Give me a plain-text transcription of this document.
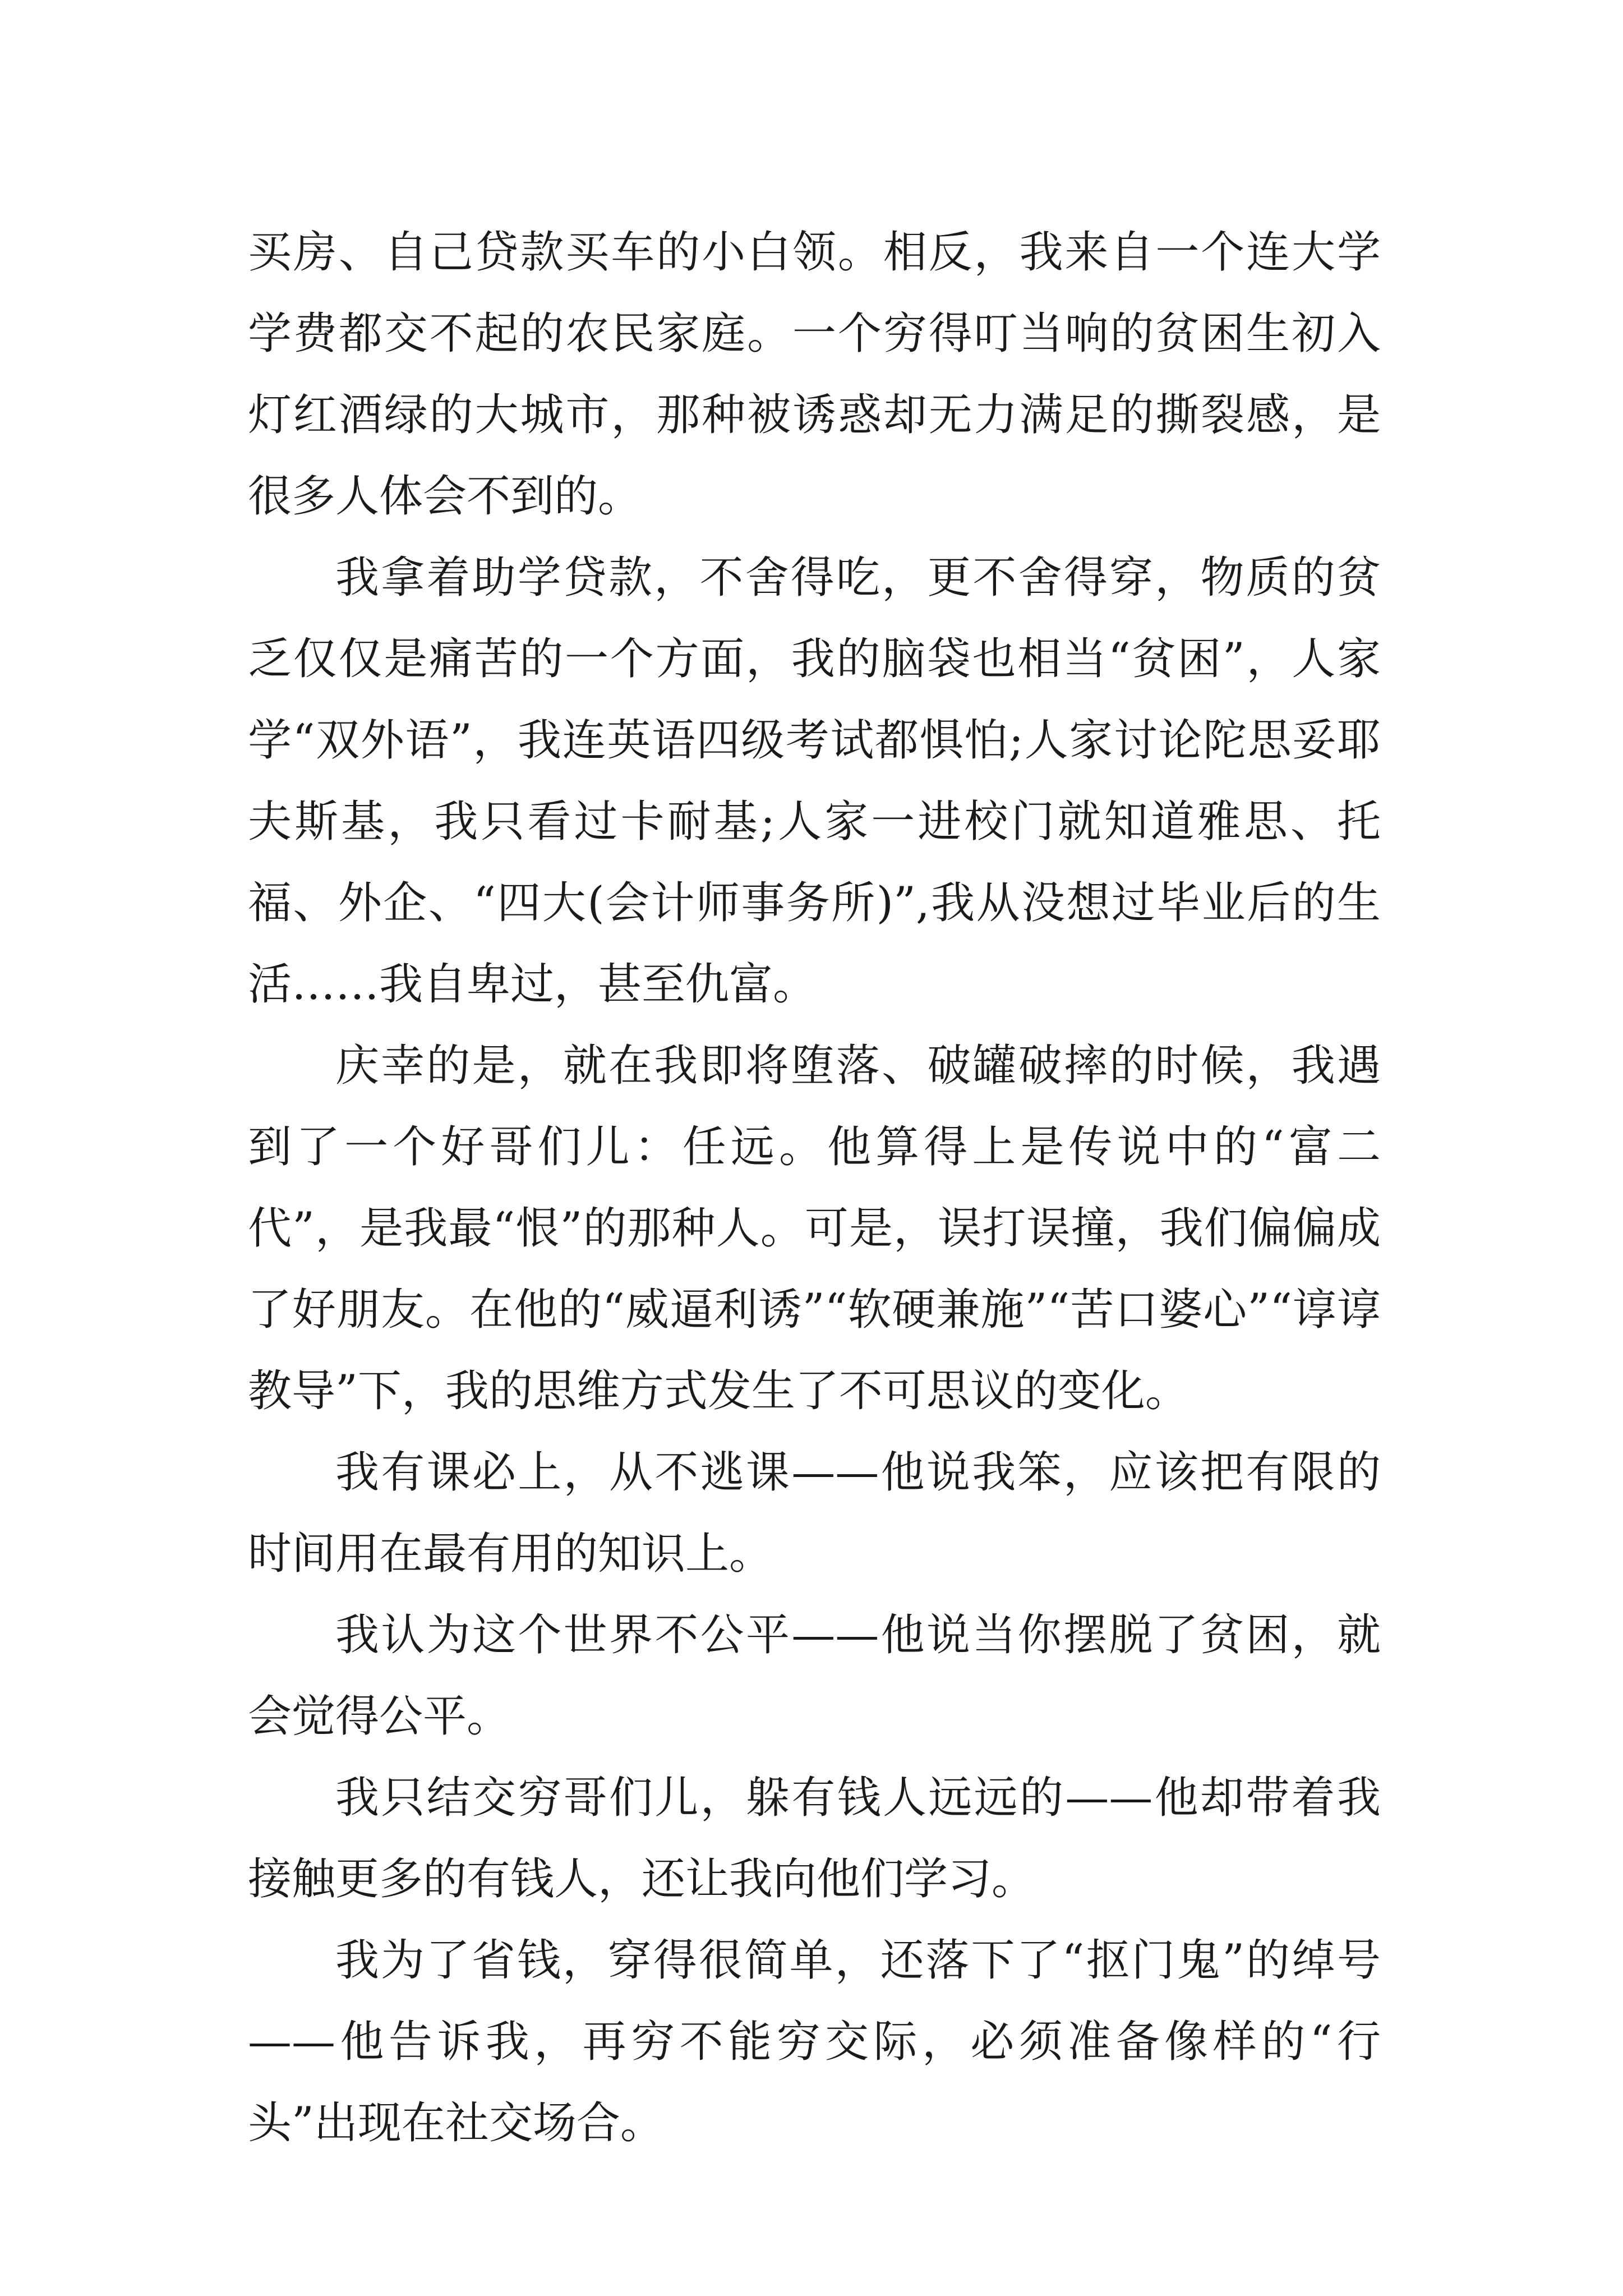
买房、自己贷款买车的小白领。相反，我来自一个连大学学费都交不起的农民家庭。一个穷得叮当响的贫困生初入灯红酒绿的大城市，那种被诱惑却无力满足的撕裂感，是很多人体会不到的。

我拿着助学贷款，不舍得吃，更不舍得穿，物质的贫乏仅仅是痛苦的一个方面，我的脑袋也相当“贫困”，人家学“双外语”，我连英语四级考试都惧怕;人家讨论陀思妥耶夫斯基，我只看过卡耐基;人家一进校门就知道雅思、托福、外企、“四大(会计师事务所)”,我从没想过毕业后的生活……我自卑过，甚至仇富。

庆幸的是，就在我即将堕落、破罐破摔的时候，我遇到了一个好哥们儿：任远。他算得上是传说中的“富二代”，是我最“恨”的那种人。可是，误打误撞，我们偏偏成了好朋友。在他的“威逼利诱”“软硬兼施”“苦口婆心”“谆谆教导”下，我的思维方式发生了不可思议的变化。

我有课必上，从不逃课——他说我笨，应该把有限的时间用在最有用的知识上。

我认为这个世界不公平——他说当你摆脱了贫困，就会觉得公平。

我只结交穷哥们儿，躲有钱人远远的——他却带着我接触更多的有钱人，还让我向他们学习。

我为了省钱，穿得很简单，还落下了“抠门鬼”的绰号——他告诉我，再穷不能穷交际，必须准备像样的“行头”出现在社交场合。
